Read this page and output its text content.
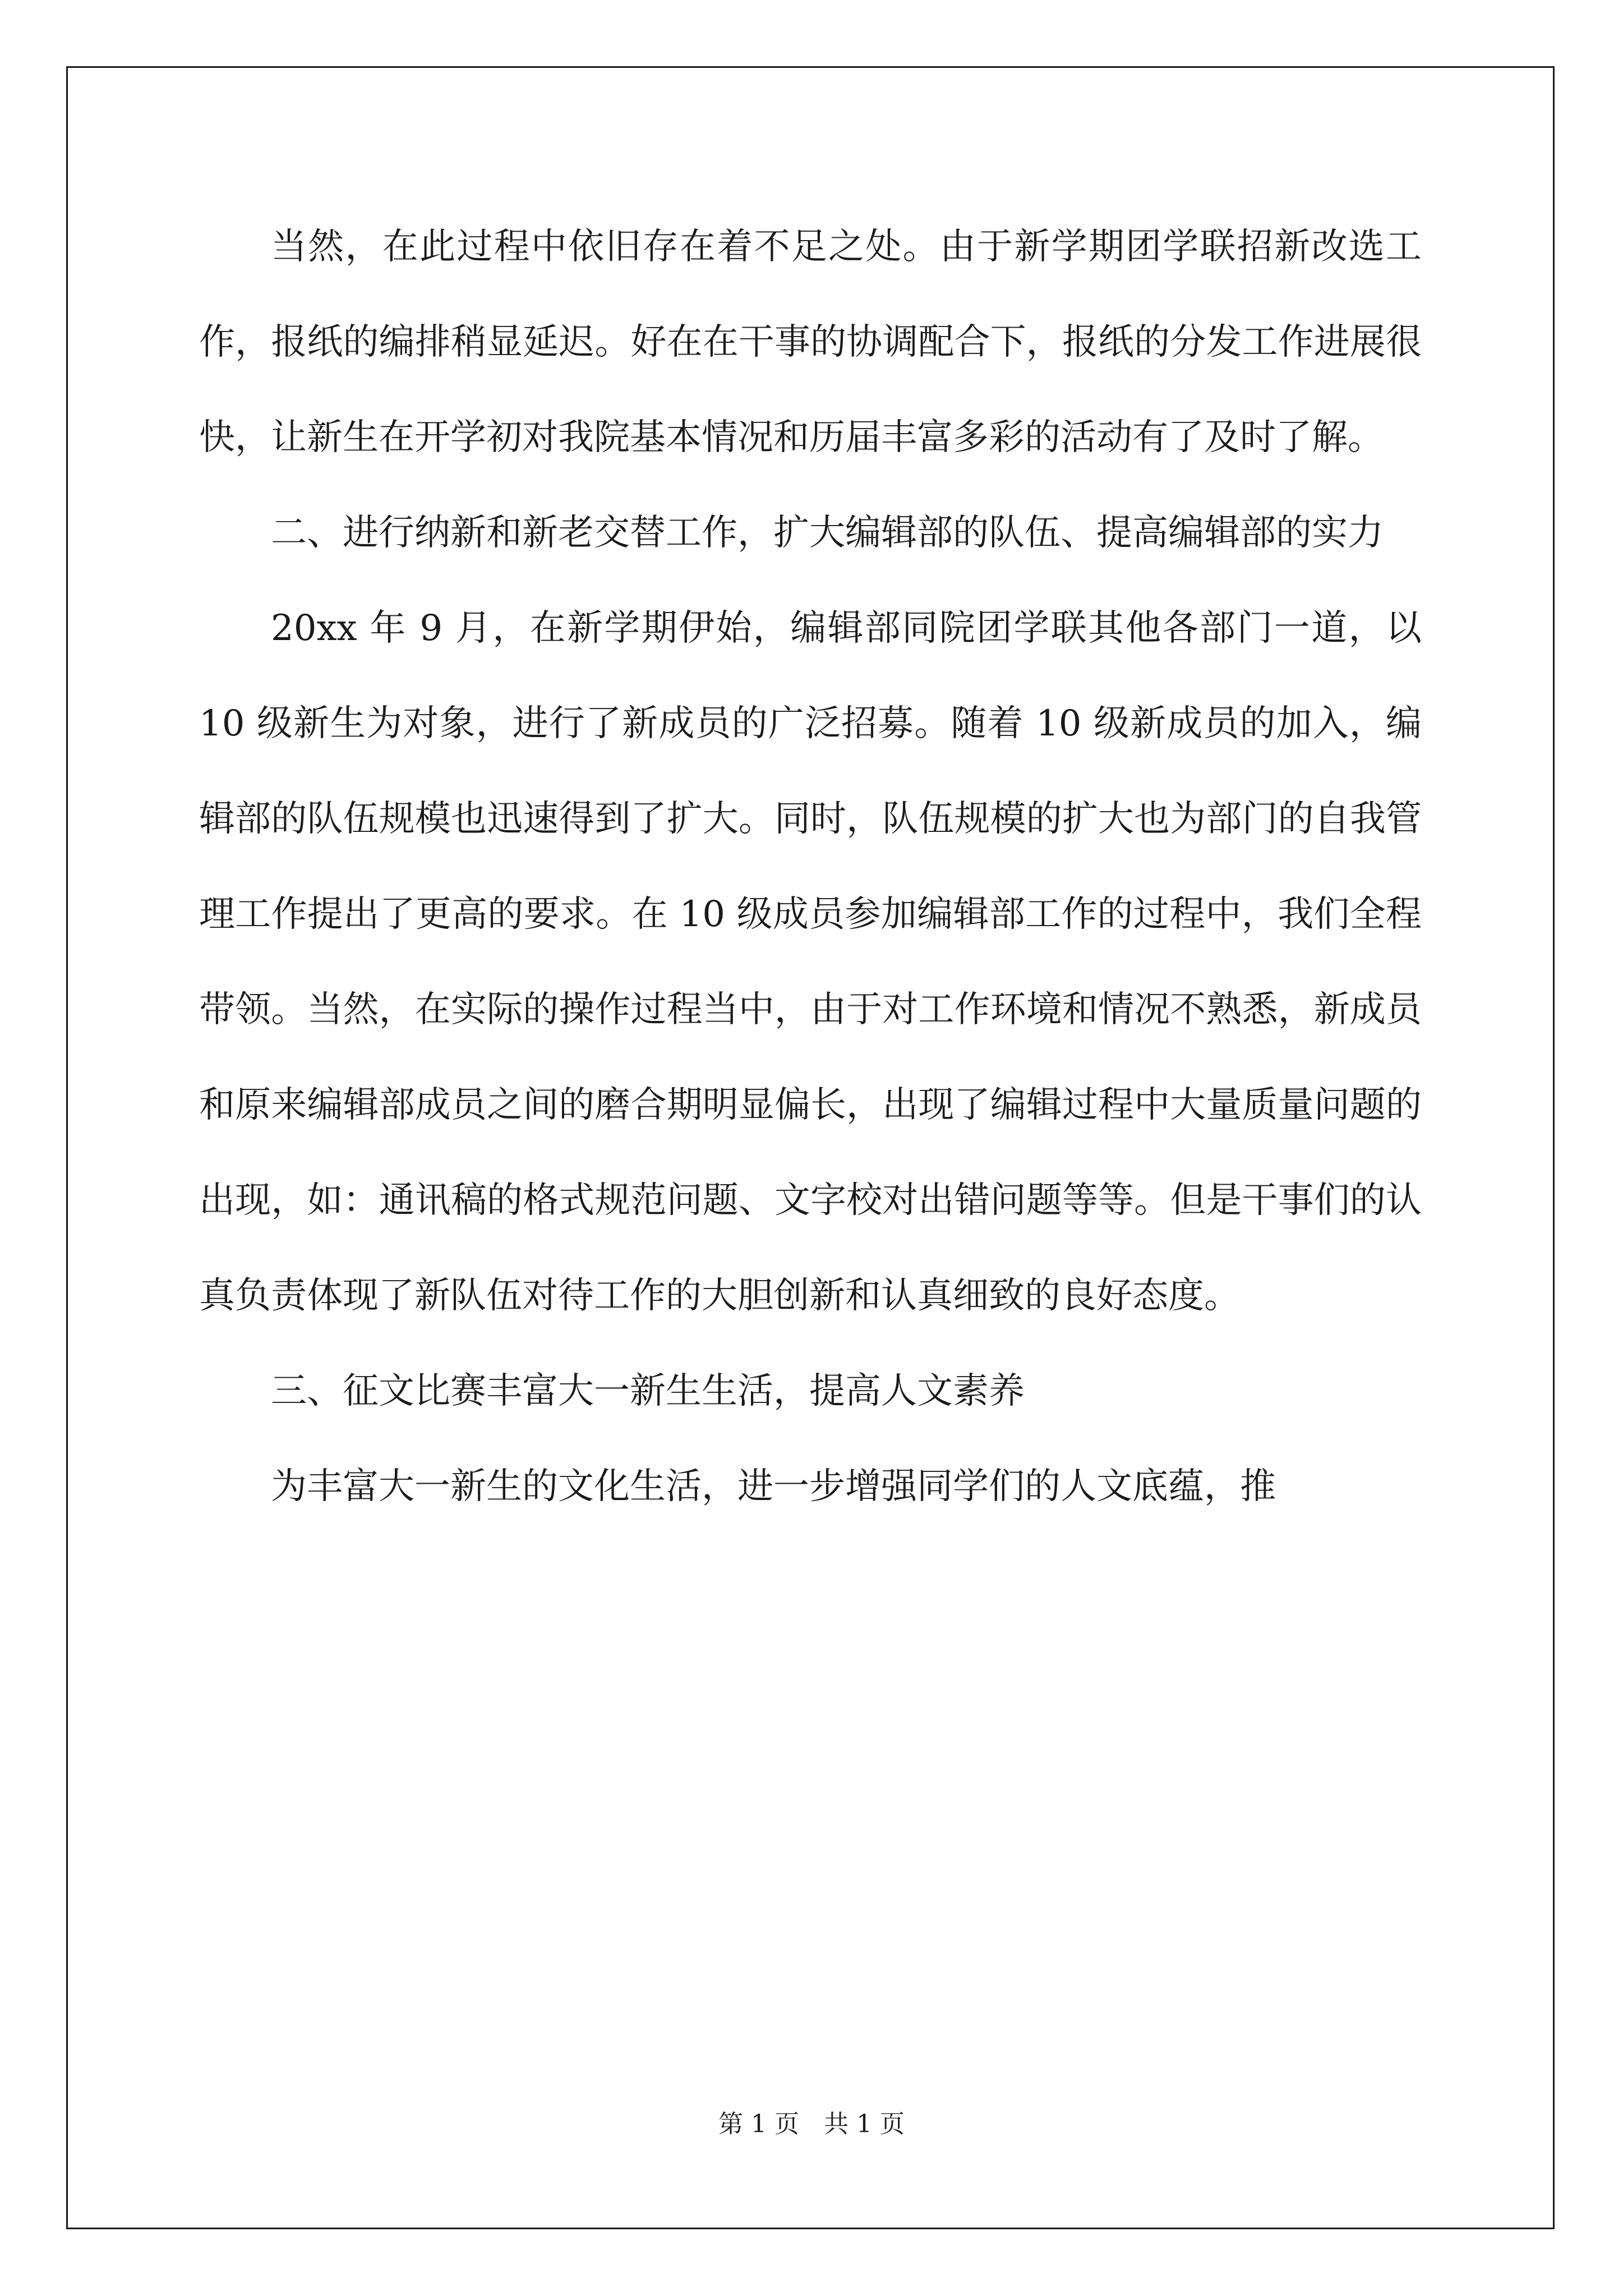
当然，在此过程中依旧存在着不足之处。由于新学期团学联招新改选工作，报纸的编排稍显延迟。好在在干事的协调配合下，报纸的分发工作进展很快，让新生在开学初对我院基本情况和历届丰富多彩的活动有了及时了解。

二、进行纳新和新老交替工作，扩大编辑部的队伍、提高编辑部的实力

20xx 年 9 月，在新学期伊始，编辑部同院团学联其他各部门一道，以 10 级新生为对象，进行了新成员的广泛招募。随着 10 级新成员的加入，编辑部的队伍规模也迅速得到了扩大。同时，队伍规模的扩大也为部门的自我管理工作提出了更高的要求。在 10 级成员参加编辑部工作的过程中，我们全程带领。当然，在实际的操作过程当中，由于对工作环境和情况不熟悉，新成员和原来编辑部成员之间的磨合期明显偏长，出现了编辑过程中大量质量问题的出现，如：通讯稿的格式规范问题、文字校对出错问题等等。但是干事们的认真负责体现了新队伍对待工作的大胆创新和认真细致的良好态度。

三、征文比赛丰富大一新生生活，提高人文素养

为丰富大一新生的文化生活，进一步增强同学们的人文底蕴，推

第 1 页 共 1 页
